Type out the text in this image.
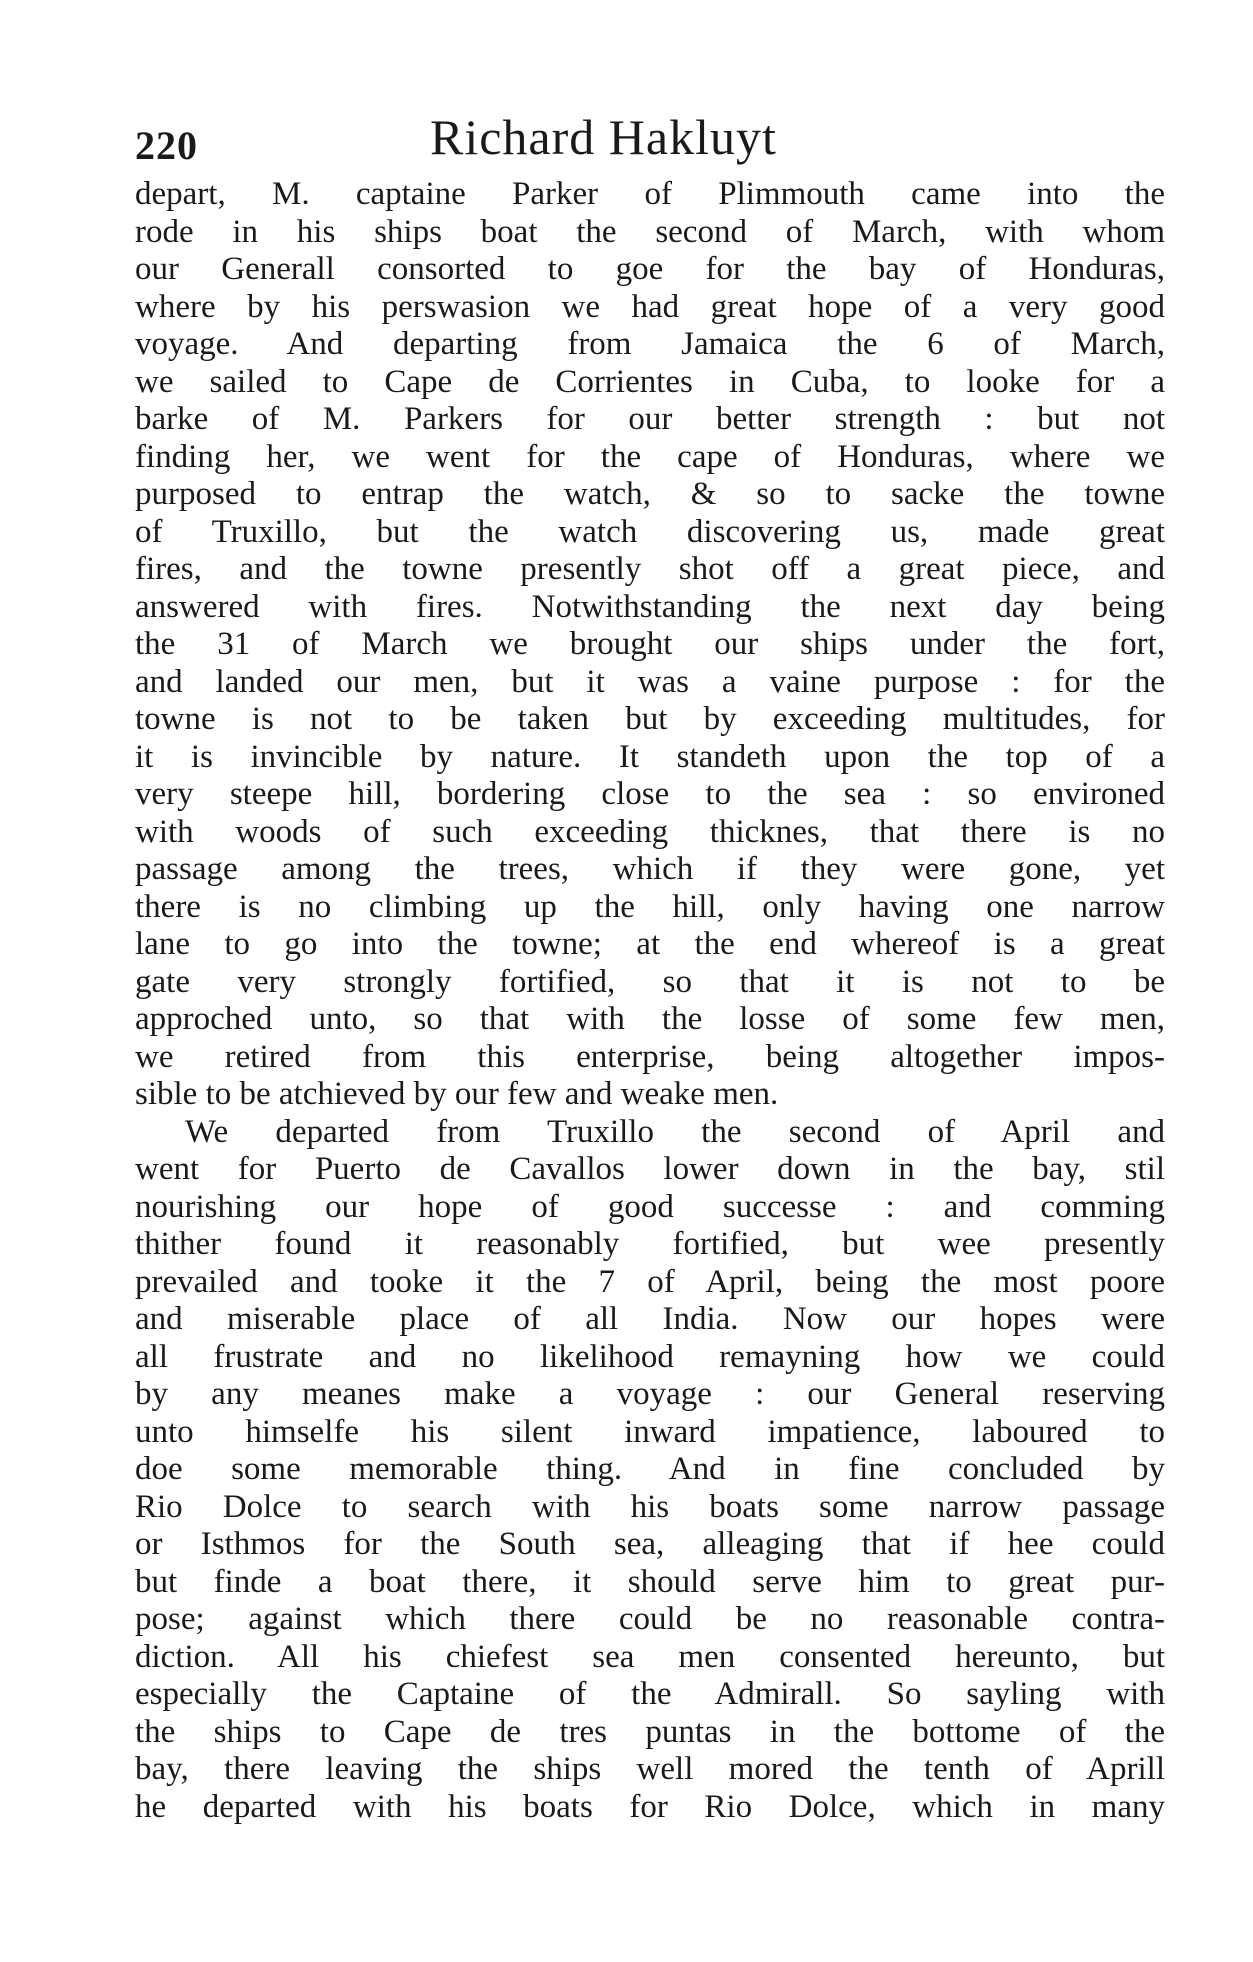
220	Richard Hakluyt
depart, M. captaine Parker of Plimmouth came into the
rode in his ships boat the second of March, with whom
our Generall consorted to goe for the bay of Honduras,
where by his perswasion we had great hope of a very good
voyage. And departing from Jamaica the 6 of March,
we sailed to Cape de Corrientes in Cuba, to looke for a
barke of M. Parkers for our better strength : but not
finding her, we went for the cape of Honduras, where we
purposed to entrap the watch, & so to sacke the towne
of Truxillo, but the watch discovering us, made great
fires, and the towne presently shot off a great piece, and
answered with fires. Notwithstanding the next day being
the 31 of March we brought our ships under the fort,
and landed our men, but it was a vaine purpose : for the
towne is not to be taken but by exceeding multitudes, for
it is invincible by nature. It standeth upon the top of a
very steepe hill, bordering close to the sea : so environed
with woods of such exceeding thicknes, that there is no
passage among the trees, which if they were gone, yet
there is no climbing up the hill, only having one narrow
lane to go into the towne; at the end whereof is a great
gate very strongly fortified, so that it is not to be
approched unto, so that with the losse of some few men,
we retired from this enterprise, being altogether impos-
sible to be atchieved by our few and weake men.
We departed from Truxillo the second of April and
went for Puerto de Cavallos lower down in the bay, stil
nourishing our hope of good successe : and comming
thither found it reasonably fortified, but wee presently
prevailed and tooke it the 7 of April, being the most poore
and miserable place of all India. Now our hopes were
all frustrate and no likelihood remayning how we could
by any meanes make a voyage : our General reserving
unto himselfe his silent inward impatience, laboured to
doe some memorable thing. And in fine concluded by
Rio Dolce to search with his boats some narrow passage
or Isthmos for the South sea, alleaging that if hee could
but finde a boat there, it should serve him to great pur-
pose; against which there could be no reasonable contra-
diction. All his chiefest sea men consented hereunto, but
especially the Captaine of the Admirall. So sayling with
the ships to Cape de tres puntas in the bottome of the
bay, there leaving the ships well mored the tenth of Aprill
he departed with his boats for Rio Dolce, which in many
